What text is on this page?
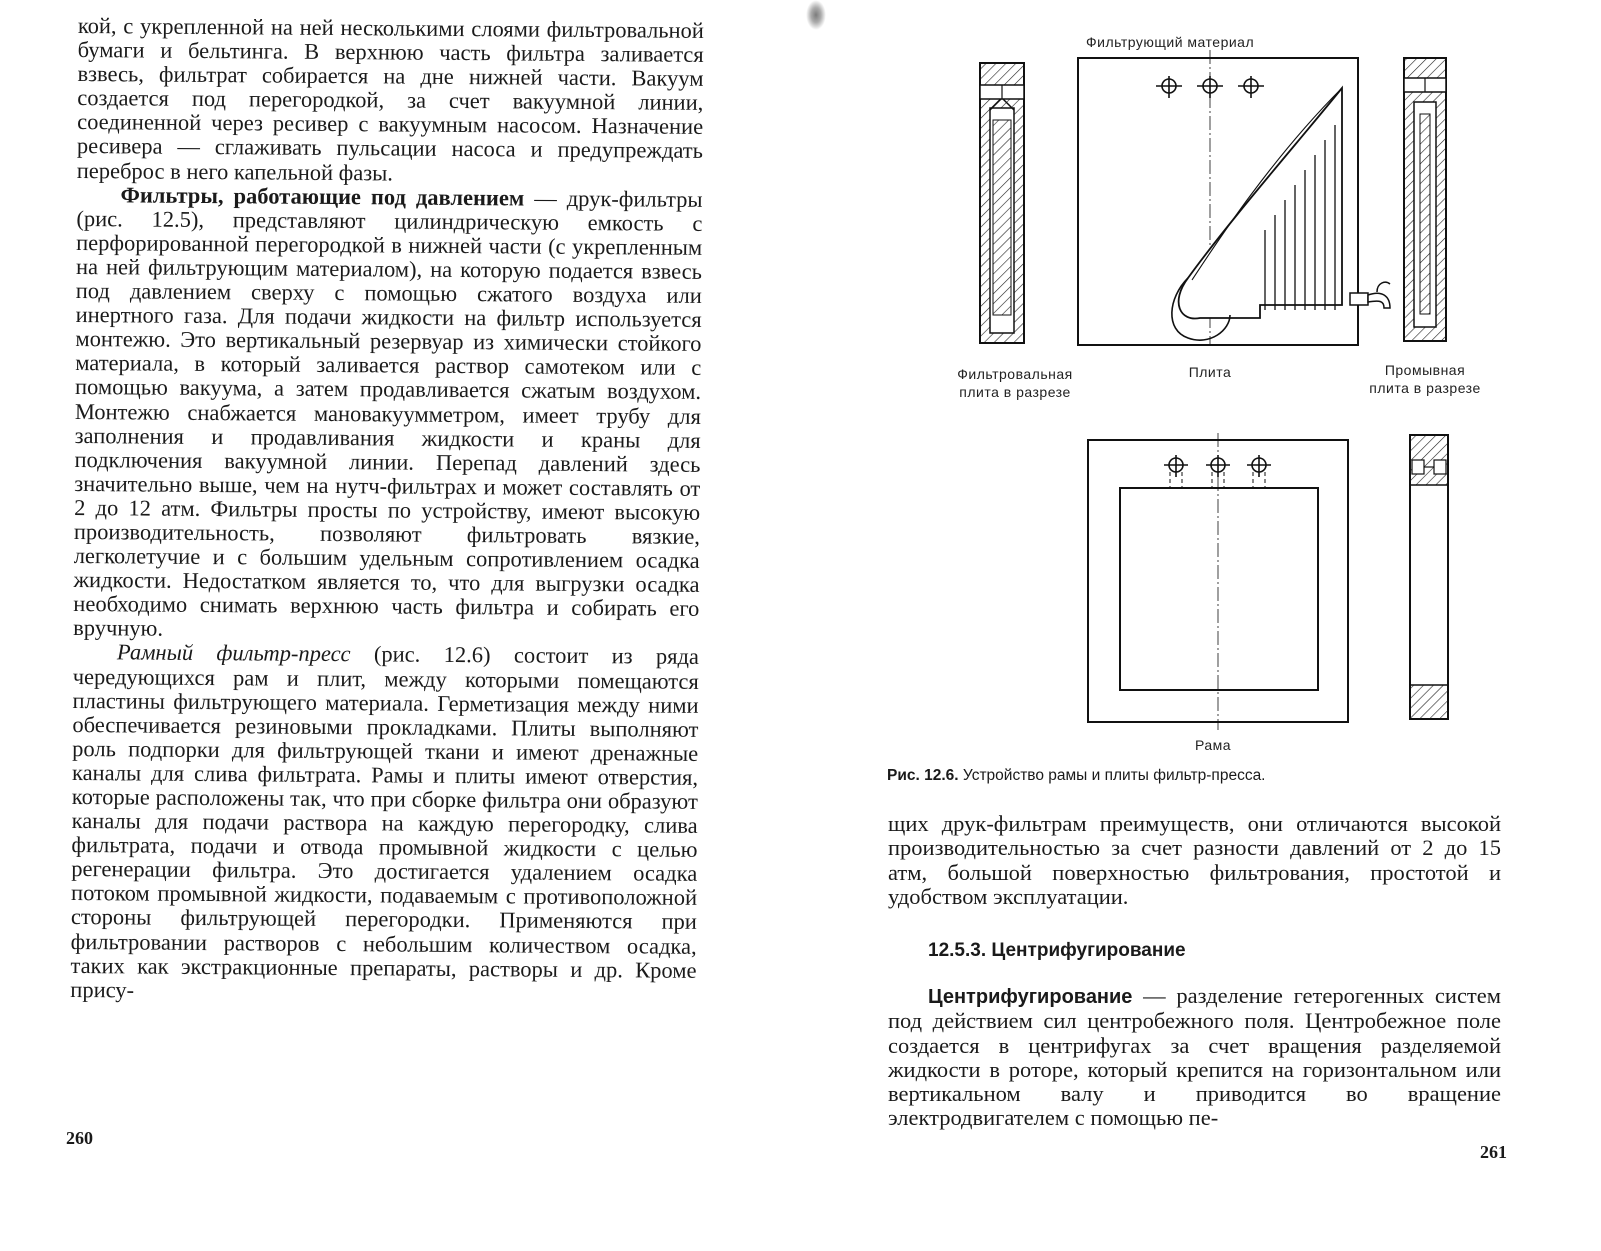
кой, с укрепленной на ней несколькими слоями фильтровальной бумаги и бельтинга. В верхнюю часть фильтра заливается взвесь, фильтрат собирается на дне нижней части. Вакуум создается под перегородкой, за счет вакуумной линии, соединенной через ресивер с вакуумным насосом. Назначение ресивера — сглаживать пульсации насоса и предупреждать переброс в него капельной фазы.

Фильтры, работающие под давлением — друк-фильтры (рис. 12.5), представляют цилиндрическую емкость с перфорированной перегородкой в нижней части (с укрепленным на ней фильтрующим материалом), на которую подается взвесь под давлением сверху с помощью сжатого воздуха или инертного газа. Для подачи жидкости на фильтр используется монтежю. Это вертикальный резервуар из химически стойкого материала, в который заливается раствор самотеком или с помощью вакуума, а затем продавливается сжатым воздухом. Монтежю снабжается мановакуумметром, имеет трубу для заполнения и продавливания жидкости и краны для подключения вакуумной линии. Перепад давлений здесь значительно выше, чем на нутч-фильтрах и может составлять от 2 до 12 атм. Фильтры просты по устройству, имеют высокую производительность, позволяют фильтровать вязкие, легколетучие и с большим удельным сопротивлением осадка жидкости. Недостатком является то, что для выгрузки осадка необходимо снимать верхнюю часть фильтра и собирать его вручную.

Рамный фильтр-пресс (рис. 12.6) состоит из ряда чередующихся рам и плит, между которыми помещаются пластины фильтрующего материала. Герметизация между ними обеспечивается резиновыми прокладками. Плиты выполняют роль подпорки для фильтрующей ткани и имеют дренажные каналы для слива фильтрата. Рамы и плиты имеют отверстия, которые расположены так, что при сборке фильтра они образуют каналы для подачи раствора на каждую перегородку, слива фильтрата, подачи и отвода промывной жидкости с целью регенерации фильтра. Это достигается удалением осадка потоком промывной жидкости, подаваемым с противоположной стороны фильтрующей перегородки. Применяются при фильтровании растворов с небольшим количеством осадка, таких как экстракционные препараты, растворы и др. Кроме прису-

260
Фильтрующий материал
Фильтровальная
плита в разрезе
Плита	Промывная
плита в разрезе
Рама
Рис. 12.6. Устройство рамы и плиты фильтр-пресса.

щих друк-фильтрам преимуществ, они отличаются высокой производительностью за счет разности давлений от 2 до 15 атм, большой поверхностью фильтрования, простотой и удобством эксплуатации.

12.5.3. Центрифугирование

Центрифугирование — разделение гетерогенных систем под действием сил центробежного поля. Центробежное поле создается в центрифугах за счет вращения разделяемой жидкости в роторе, который крепится на горизонтальном или вертикальном валу и приводится во вращение электродвигателем с помощью пе-

261
